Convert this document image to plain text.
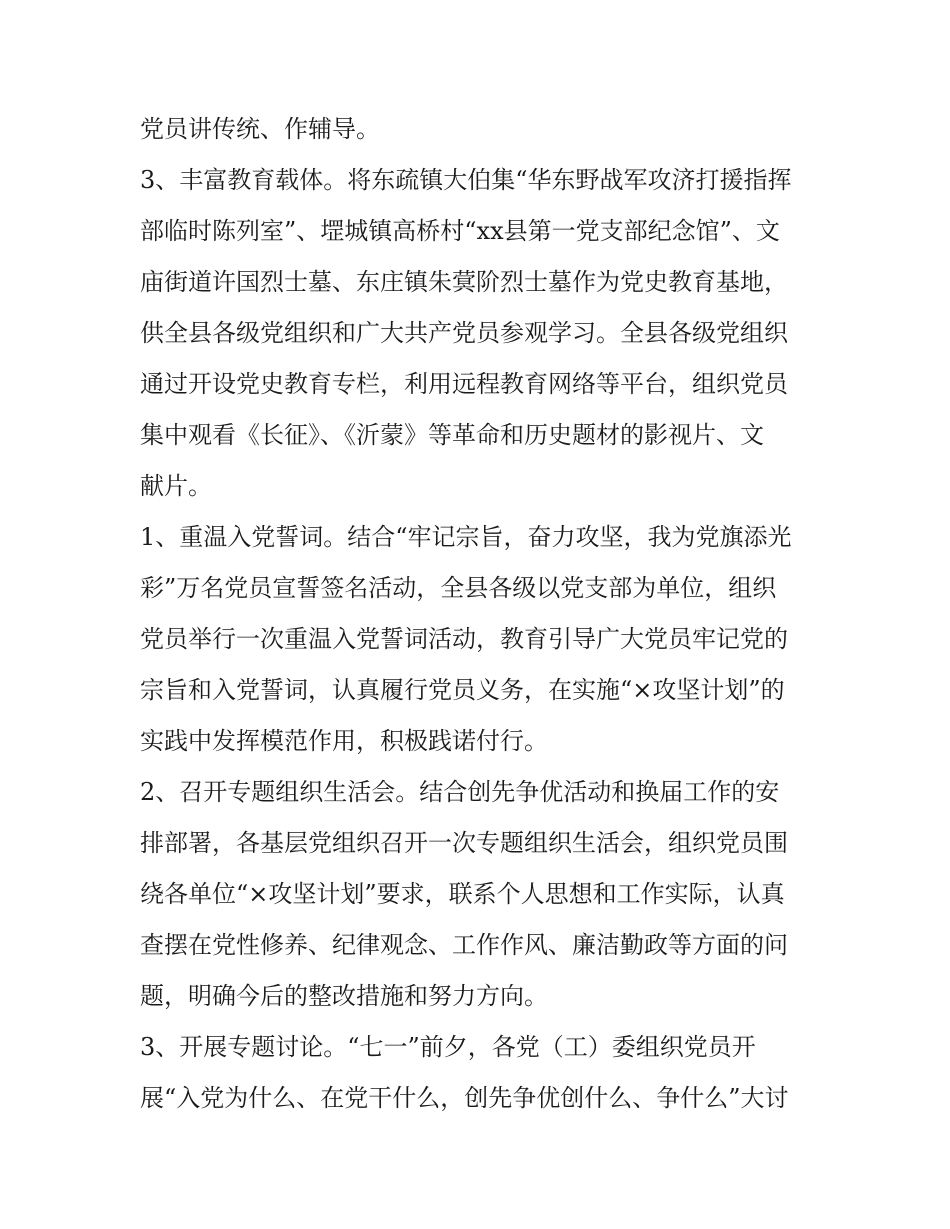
党员讲传统、作辅导。
3、丰富教育载体。将东疏镇大伯集“华东野战军攻济打援指挥
部临时陈列室”、堽城镇高桥村“xx县第一党支部纪念馆”、文
庙街道许国烈士墓、东庄镇朱蓂阶烈士墓作为党史教育基地，
供全县各级党组织和广大共产党员参观学习。全县各级党组织
通过开设党史教育专栏，利用远程教育网络等平台，组织党员
集中观看《长征》、《沂蒙》等革命和历史题材的影视片、文
献片。
1、重温入党誓词。结合“牢记宗旨，奋力攻坚，我为党旗添光
彩”万名党员宣誓签名活动，全县各级以党支部为单位，组织
党员举行一次重温入党誓词活动，教育引导广大党员牢记党的
宗旨和入党誓词，认真履行党员义务，在实施“×攻坚计划”的
实践中发挥模范作用，积极践诺付行。
2、召开专题组织生活会。结合创先争优活动和换届工作的安
排部署，各基层党组织召开一次专题组织生活会，组织党员围
绕各单位“×攻坚计划”要求，联系个人思想和工作实际，认真
查摆在党性修养、纪律观念、工作作风、廉洁勤政等方面的问
题，明确今后的整改措施和努力方向。
3、开展专题讨论。“七一”前夕，各党（工）委组织党员开
展“入党为什么、在党干什么，创先争优创什么、争什么”大讨
